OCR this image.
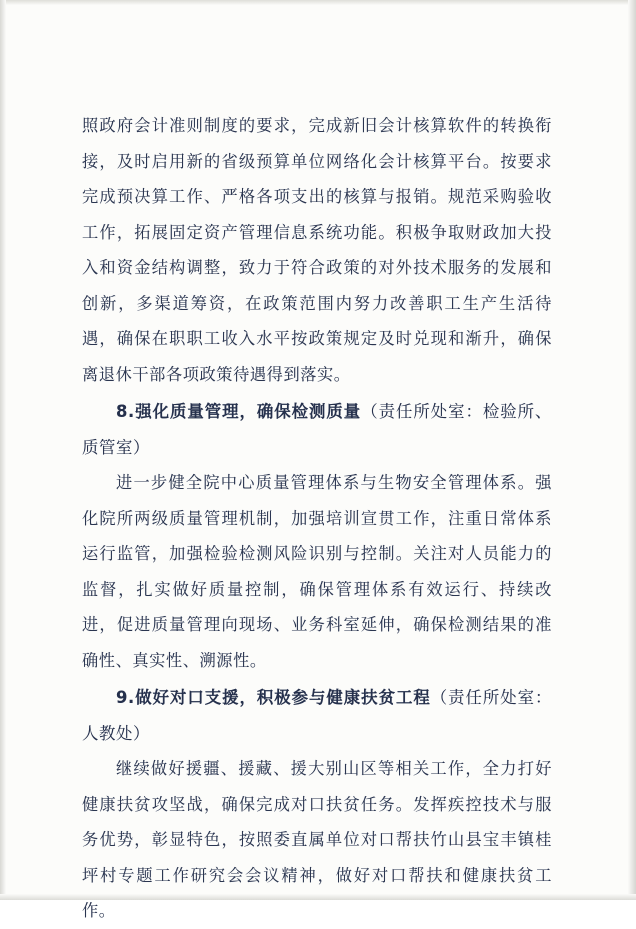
照政府会计准则制度的要求，完成新旧会计核算软件的转换衔接，及时启用新的省级预算单位网络化会计核算平台。按要求完成预决算工作、严格各项支出的核算与报销。规范采购验收工作，拓展固定资产管理信息系统功能。积极争取财政加大投入和资金结构调整，致力于符合政策的对外技术服务的发展和创新，多渠道筹资，在政策范围内努力改善职工生产生活待遇，确保在职职工收入水平按政策规定及时兑现和渐升，确保离退休干部各项政策待遇得到落实。

8.强化质量管理，确保检测质量（责任所处室：检验所、质管室）

进一步健全院中心质量管理体系与生物安全管理体系。强化院所两级质量管理机制，加强培训宣贯工作，注重日常体系运行监管，加强检验检测风险识别与控制。关注对人员能力的监督，扎实做好质量控制，确保管理体系有效运行、持续改进，促进质量管理向现场、业务科室延伸，确保检测结果的准确性、真实性、溯源性。

9.做好对口支援，积极参与健康扶贫工程（责任所处室：人教处）

继续做好援疆、援藏、援大别山区等相关工作，全力打好健康扶贫攻坚战，确保完成对口扶贫任务。发挥疾控技术与服务优势，彰显特色，按照委直属单位对口帮扶竹山县宝丰镇桂坪村专题工作研究会会议精神，做好对口帮扶和健康扶贫工作。
